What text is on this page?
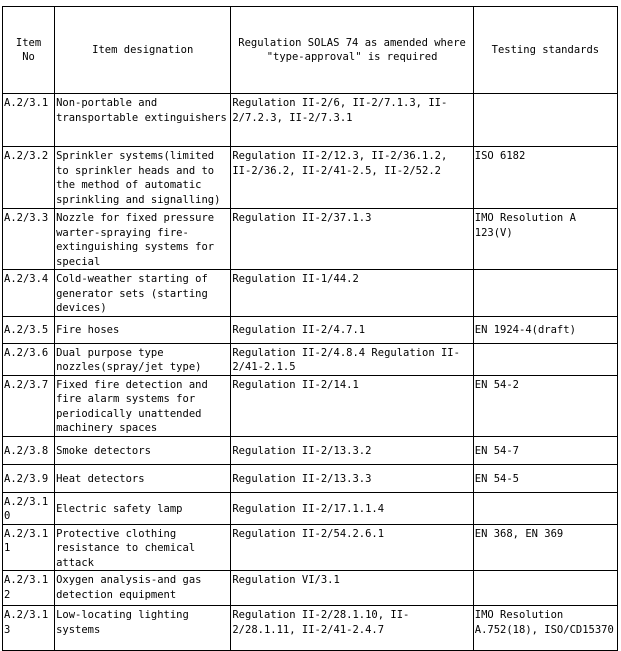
Item No	Item designation	Regulation SOLAS 74 as amended where "type-approval" is required	Testing standards
A.2/3.1	Non-portable and transportable extinguishers	Regulation II-2/6, II-2/7.1.3, II-2/7.2.3, II-2/7.3.1	
A.2/3.2	Sprinkler systems(limited to sprinkler heads and to the method of automatic sprinkling and signalling)	Regulation II-2/12.3, II-2/36.1.2, II-2/36.2, II-2/41-2.5, II-2/52.2	ISO 6182
A.2/3.3	Nozzle for fixed pressure warter-spraying fire-extinguishing systems for special	Regulation II-2/37.1.3	IMO Resolution A 123(V)
A.2/3.4	Cold-weather starting of generator sets (starting devices)	Regulation II-1/44.2	
A.2/3.5	Fire hoses	Regulation II-2/4.7.1	EN 1924-4(draft)
A.2/3.6	Dual purpose type nozzles(spray/jet type)	Regulation II-2/4.8.4 Regulation II-2/41-2.1.5	
A.2/3.7	Fixed fire detection and fire alarm systems for periodically unattended machinery spaces	Regulation II-2/14.1	EN 54-2
A.2/3.8	Smoke detectors	Regulation II-2/13.3.2	EN 54-7
A.2/3.9	Heat detectors	Regulation II-2/13.3.3	EN 54-5
A.2/3.10	Electric safety lamp	Regulation II-2/17.1.1.4	
A.2/3.11	Protective clothing resistance to chemical attack	Regulation II-2/54.2.6.1	EN 368, EN 369
A.2/3.12	Oxygen analysis-and gas detection equipment	Regulation VI/3.1	
A.2/3.13	Low-locating lighting systems	Regulation II-2/28.1.10, II-2/28.1.11, II-2/41-2.4.7	IMO Resolution A.752(18), ISO/CD15370
